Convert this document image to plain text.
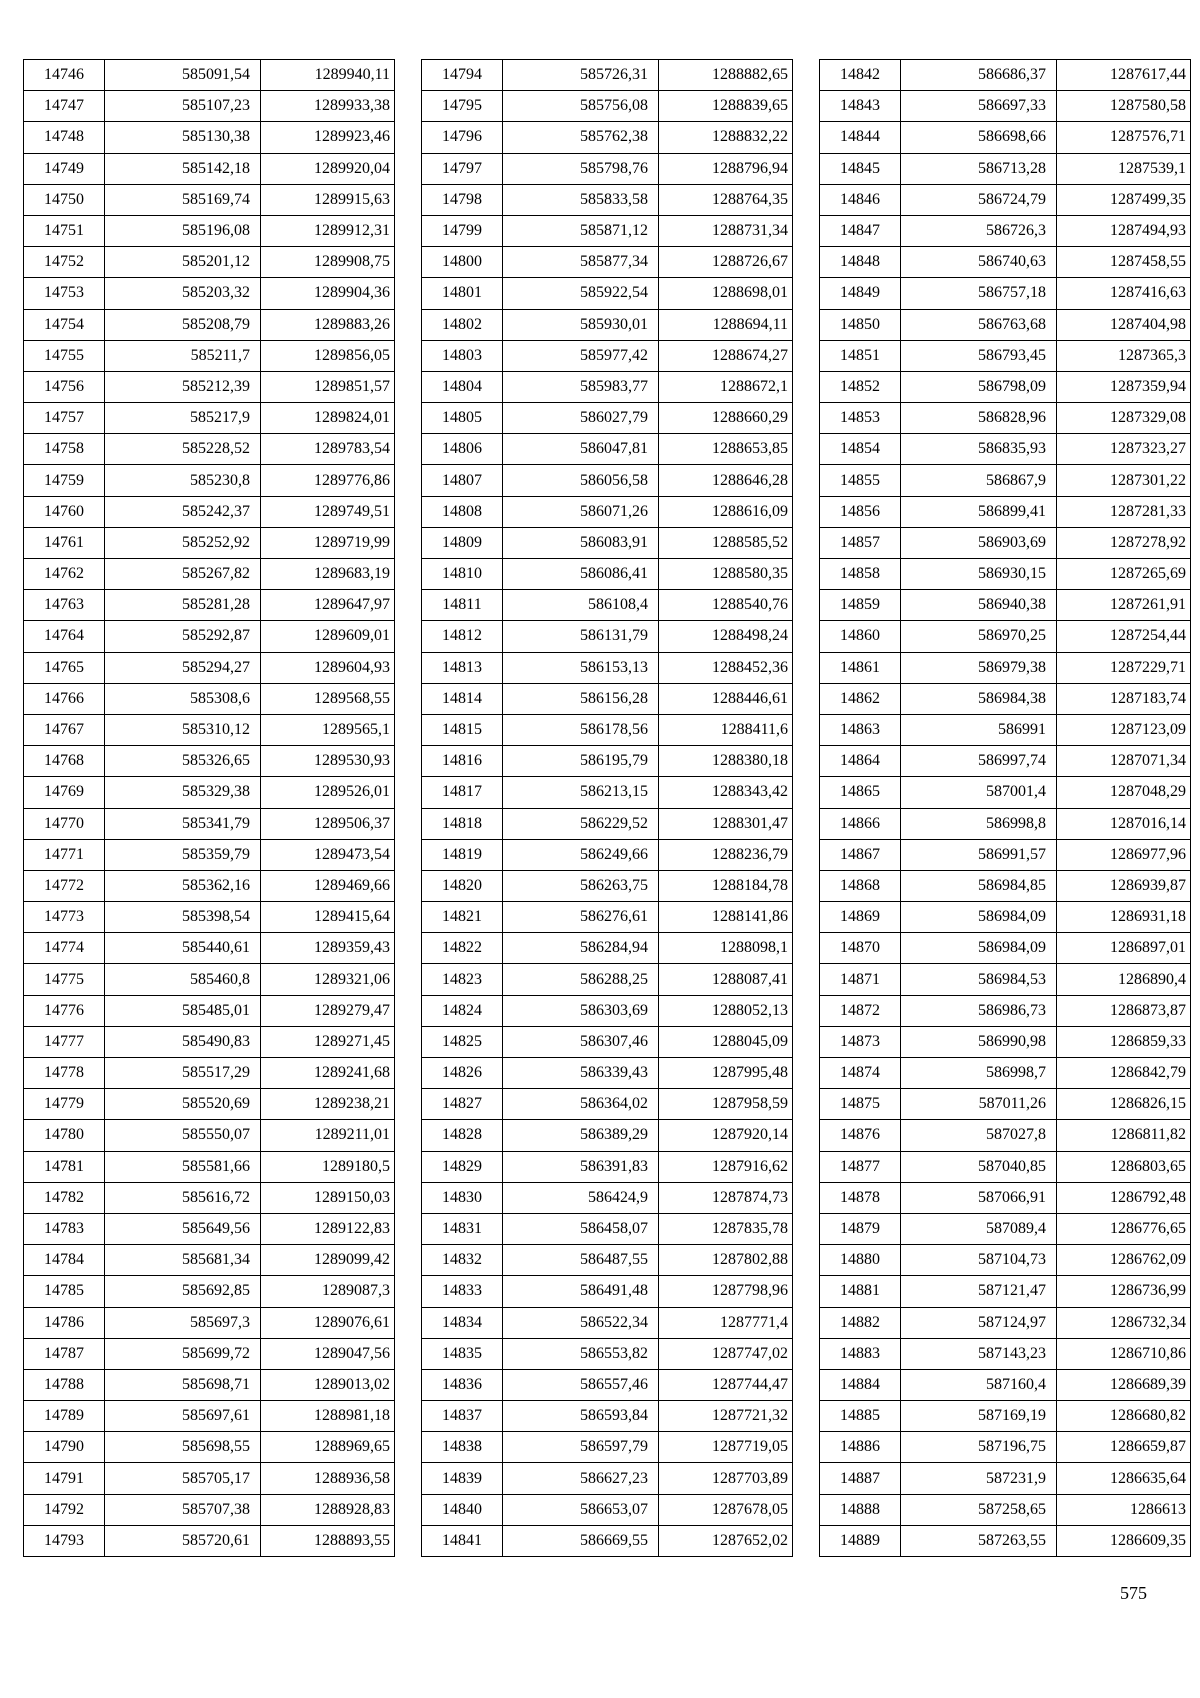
14746	585091,54	1289940,11
14747	585107,23	1289933,38
14748	585130,38	1289923,46
14749	585142,18	1289920,04
14750	585169,74	1289915,63
14751	585196,08	1289912,31
14752	585201,12	1289908,75
14753	585203,32	1289904,36
14754	585208,79	1289883,26
14755	585211,7	1289856,05
14756	585212,39	1289851,57
14757	585217,9	1289824,01
14758	585228,52	1289783,54
14759	585230,8	1289776,86
14760	585242,37	1289749,51
14761	585252,92	1289719,99
14762	585267,82	1289683,19
14763	585281,28	1289647,97
14764	585292,87	1289609,01
14765	585294,27	1289604,93
14766	585308,6	1289568,55
14767	585310,12	1289565,1
14768	585326,65	1289530,93
14769	585329,38	1289526,01
14770	585341,79	1289506,37
14771	585359,79	1289473,54
14772	585362,16	1289469,66
14773	585398,54	1289415,64
14774	585440,61	1289359,43
14775	585460,8	1289321,06
14776	585485,01	1289279,47
14777	585490,83	1289271,45
14778	585517,29	1289241,68
14779	585520,69	1289238,21
14780	585550,07	1289211,01
14781	585581,66	1289180,5
14782	585616,72	1289150,03
14783	585649,56	1289122,83
14784	585681,34	1289099,42
14785	585692,85	1289087,3
14786	585697,3	1289076,61
14787	585699,72	1289047,56
14788	585698,71	1289013,02
14789	585697,61	1288981,18
14790	585698,55	1288969,65
14791	585705,17	1288936,58
14792	585707,38	1288928,83
14793	585720,61	1288893,55
14794	585726,31	1288882,65
14795	585756,08	1288839,65
14796	585762,38	1288832,22
14797	585798,76	1288796,94
14798	585833,58	1288764,35
14799	585871,12	1288731,34
14800	585877,34	1288726,67
14801	585922,54	1288698,01
14802	585930,01	1288694,11
14803	585977,42	1288674,27
14804	585983,77	1288672,1
14805	586027,79	1288660,29
14806	586047,81	1288653,85
14807	586056,58	1288646,28
14808	586071,26	1288616,09
14809	586083,91	1288585,52
14810	586086,41	1288580,35
14811	586108,4	1288540,76
14812	586131,79	1288498,24
14813	586153,13	1288452,36
14814	586156,28	1288446,61
14815	586178,56	1288411,6
14816	586195,79	1288380,18
14817	586213,15	1288343,42
14818	586229,52	1288301,47
14819	586249,66	1288236,79
14820	586263,75	1288184,78
14821	586276,61	1288141,86
14822	586284,94	1288098,1
14823	586288,25	1288087,41
14824	586303,69	1288052,13
14825	586307,46	1288045,09
14826	586339,43	1287995,48
14827	586364,02	1287958,59
14828	586389,29	1287920,14
14829	586391,83	1287916,62
14830	586424,9	1287874,73
14831	586458,07	1287835,78
14832	586487,55	1287802,88
14833	586491,48	1287798,96
14834	586522,34	1287771,4
14835	586553,82	1287747,02
14836	586557,46	1287744,47
14837	586593,84	1287721,32
14838	586597,79	1287719,05
14839	586627,23	1287703,89
14840	586653,07	1287678,05
14841	586669,55	1287652,02
14842	586686,37	1287617,44
14843	586697,33	1287580,58
14844	586698,66	1287576,71
14845	586713,28	1287539,1
14846	586724,79	1287499,35
14847	586726,3	1287494,93
14848	586740,63	1287458,55
14849	586757,18	1287416,63
14850	586763,68	1287404,98
14851	586793,45	1287365,3
14852	586798,09	1287359,94
14853	586828,96	1287329,08
14854	586835,93	1287323,27
14855	586867,9	1287301,22
14856	586899,41	1287281,33
14857	586903,69	1287278,92
14858	586930,15	1287265,69
14859	586940,38	1287261,91
14860	586970,25	1287254,44
14861	586979,38	1287229,71
14862	586984,38	1287183,74
14863	586991	1287123,09
14864	586997,74	1287071,34
14865	587001,4	1287048,29
14866	586998,8	1287016,14
14867	586991,57	1286977,96
14868	586984,85	1286939,87
14869	586984,09	1286931,18
14870	586984,09	1286897,01
14871	586984,53	1286890,4
14872	586986,73	1286873,87
14873	586990,98	1286859,33
14874	586998,7	1286842,79
14875	587011,26	1286826,15
14876	587027,8	1286811,82
14877	587040,85	1286803,65
14878	587066,91	1286792,48
14879	587089,4	1286776,65
14880	587104,73	1286762,09
14881	587121,47	1286736,99
14882	587124,97	1286732,34
14883	587143,23	1286710,86
14884	587160,4	1286689,39
14885	587169,19	1286680,82
14886	587196,75	1286659,87
14887	587231,9	1286635,64
14888	587258,65	1286613
14889	587263,55	1286609,35
575
